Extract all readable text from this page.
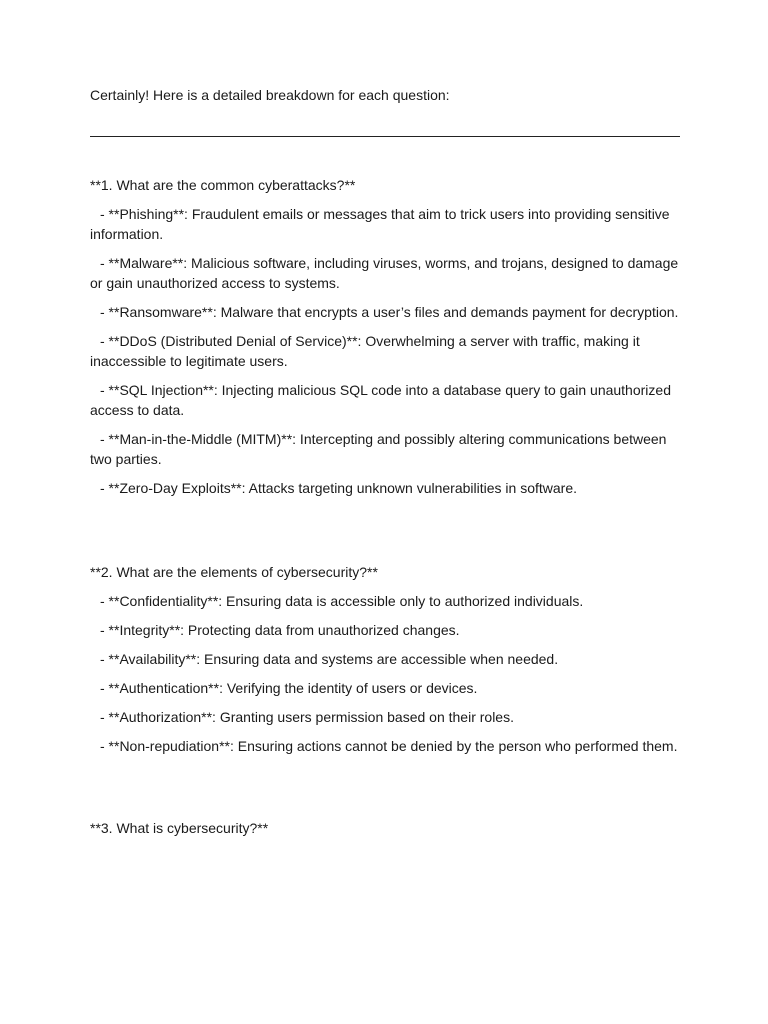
Certainly! Here is a detailed breakdown for each question:
**1. What are the common cyberattacks?**
- **Phishing**: Fraudulent emails or messages that aim to trick users into providing sensitive information.
- **Malware**: Malicious software, including viruses, worms, and trojans, designed to damage or gain unauthorized access to systems.
- **Ransomware**: Malware that encrypts a user’s files and demands payment for decryption.
- **DDoS (Distributed Denial of Service)**: Overwhelming a server with traffic, making it inaccessible to legitimate users.
- **SQL Injection**: Injecting malicious SQL code into a database query to gain unauthorized access to data.
- **Man-in-the-Middle (MITM)**: Intercepting and possibly altering communications between two parties.
- **Zero-Day Exploits**: Attacks targeting unknown vulnerabilities in software.
**2. What are the elements of cybersecurity?**
- **Confidentiality**: Ensuring data is accessible only to authorized individuals.
- **Integrity**: Protecting data from unauthorized changes.
- **Availability**: Ensuring data and systems are accessible when needed.
- **Authentication**: Verifying the identity of users or devices.
- **Authorization**: Granting users permission based on their roles.
- **Non-repudiation**: Ensuring actions cannot be denied by the person who performed them.
**3. What is cybersecurity?**
